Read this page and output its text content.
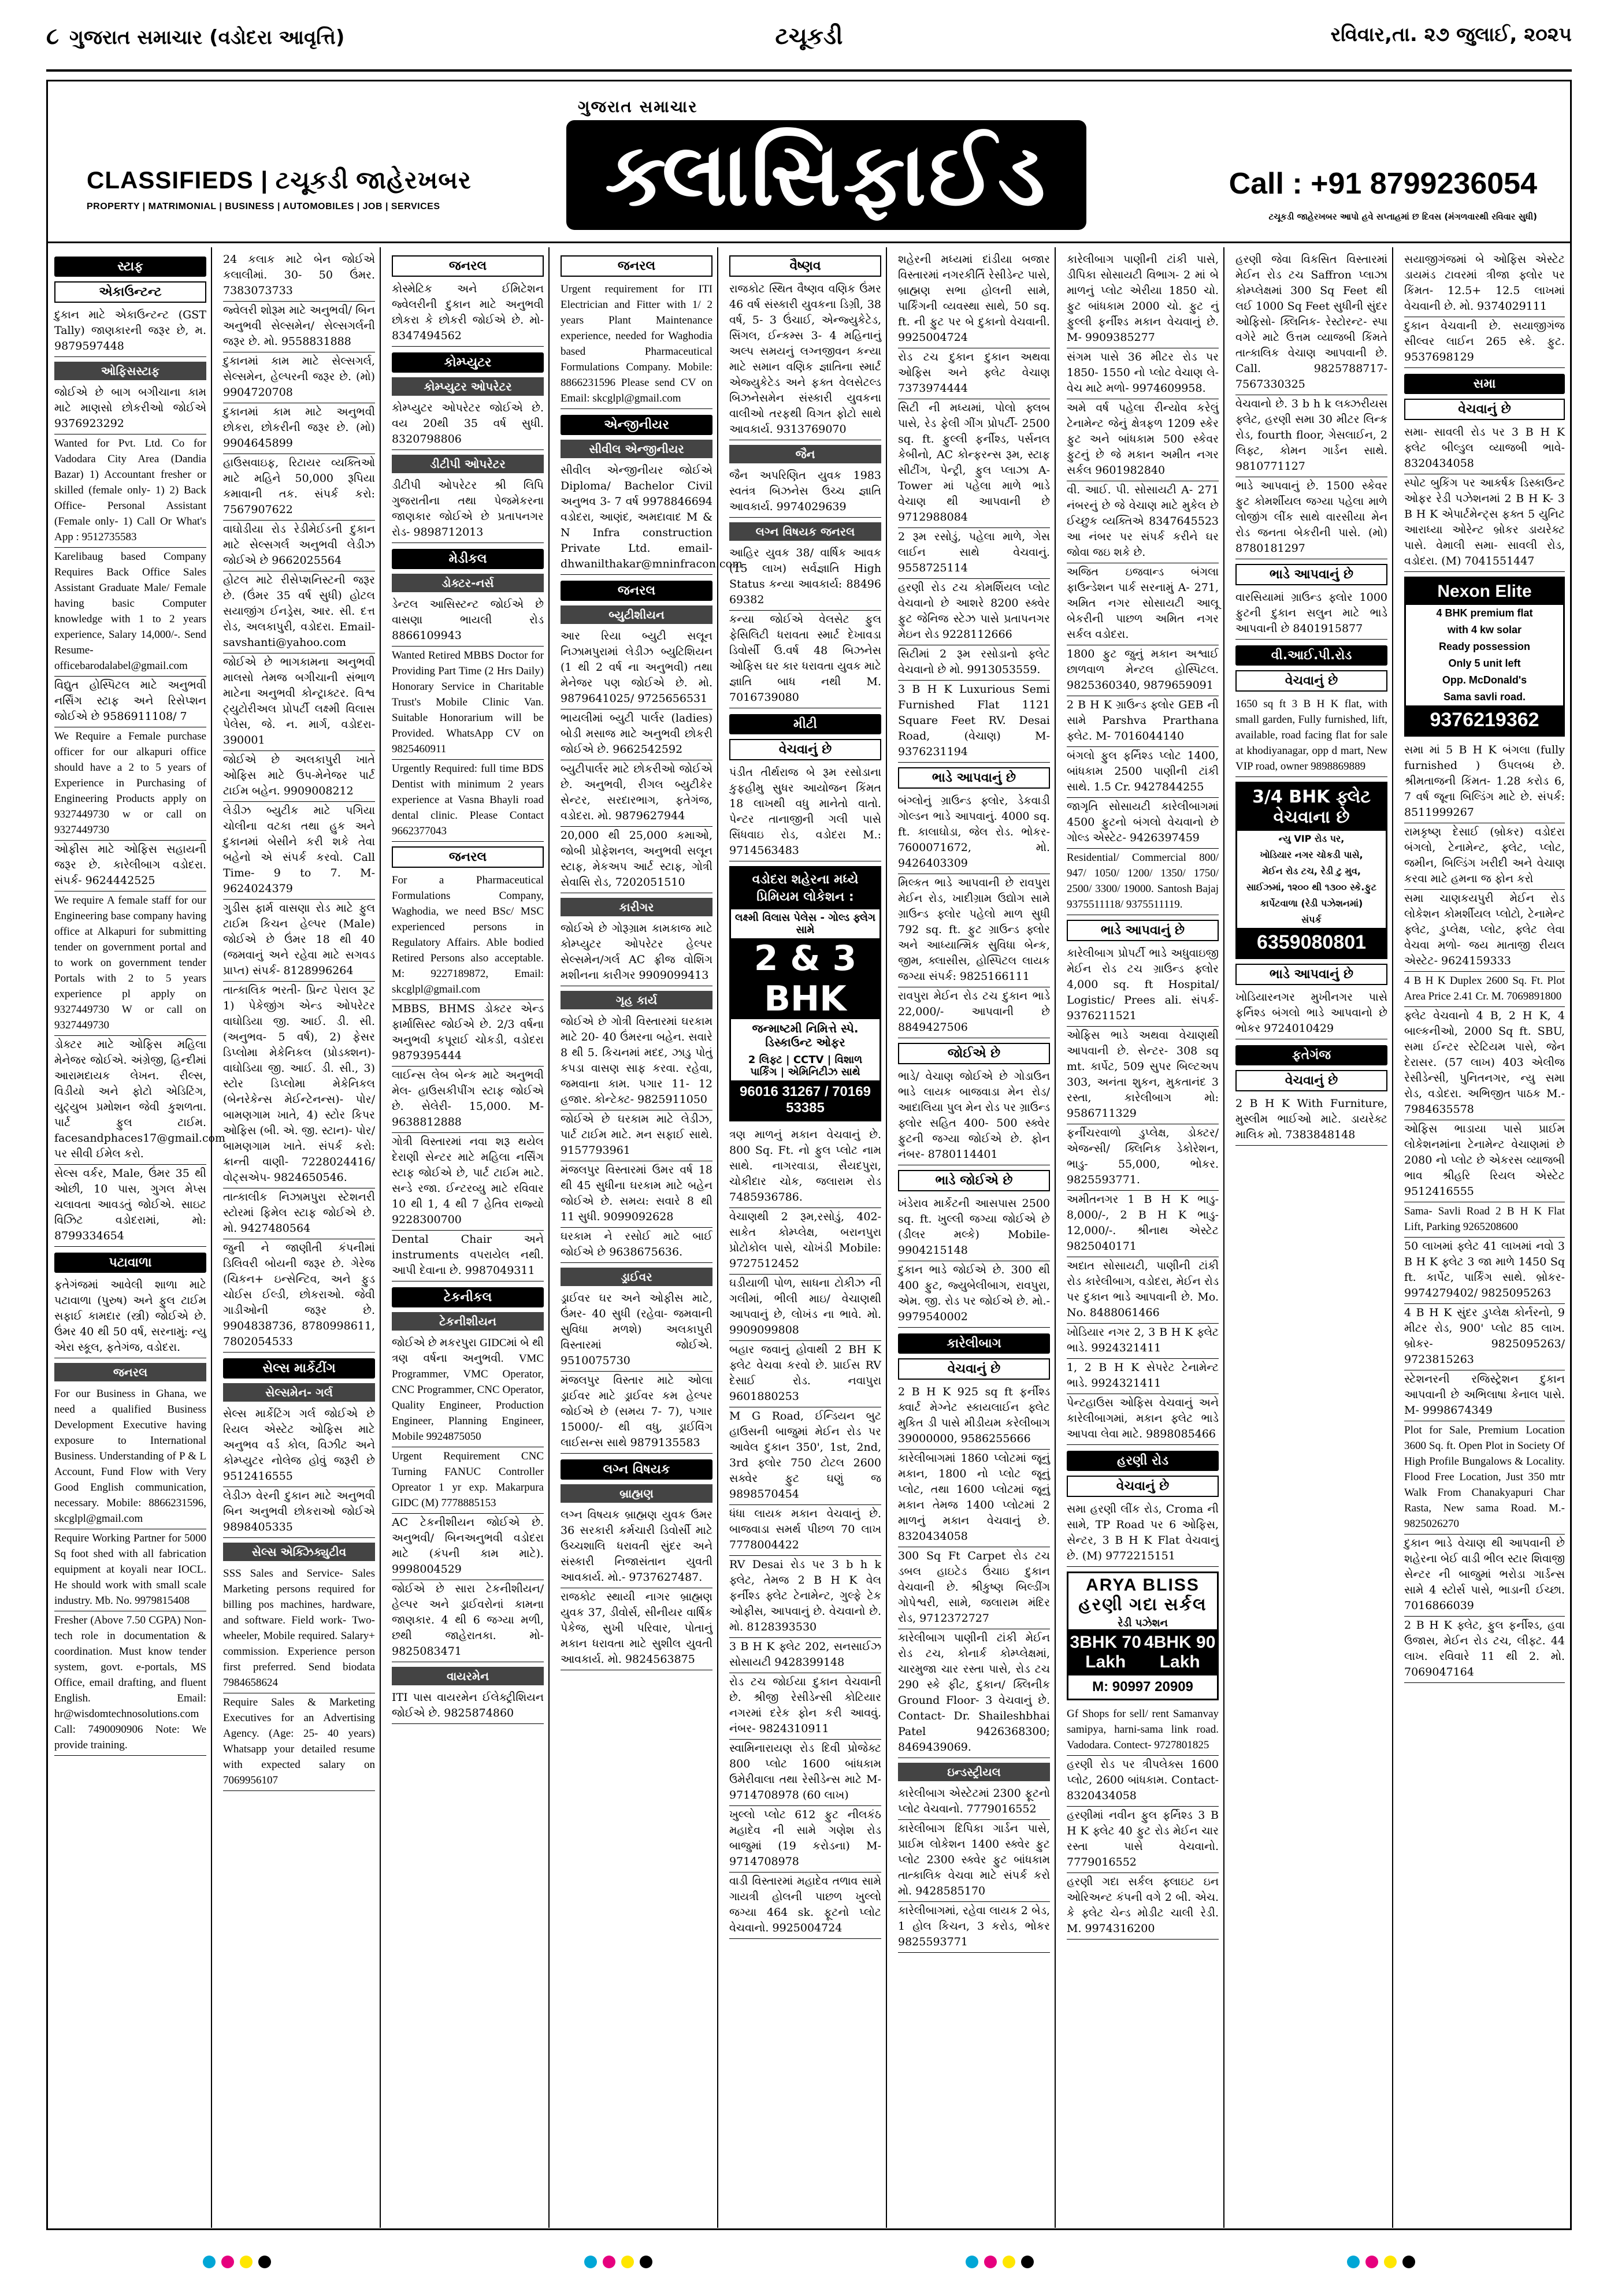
૮ ગુજરાત સમાચાર (વડોદરા આવૃત્તિ)	ટચૂકડી	રવિવાર,તા. ૨૭ જુલાઈ, ૨૦૨૫
CLASSIFIEDS | ટચૂકડી જાહેરખબર
PROPERTY | MATRIMONIAL | BUSINESS | AUTOMOBILES | JOB | SERVICES
ગુજરાત સમાચાર
ક્લાસિફાઈડ	Call : +91 8799236054
ટચૂકડી જાહેરખબર આપો હવે સપ્તાહમાં છ દિવસ (મંગળવારથી રવિવાર સુધી)
સ્ટાફ
એકાઉન્ટન્ટ
દુકાન માટે એકાઉન્ટન્ટ (GST Tally) જાણકારની જરૂર છે, મ. 9879597448
ઓફિસસ્ટાફ
જોઈએ છે બાગ બગીચાના કામ માટે માણસો છોકરીઓ જોઈએ 9376923292
Wanted for Pvt. Ltd. Co for Vadodara City Area (Dandia Bazar) 1) Accountant fresher or skilled (female only- 1) 2) Back Office- Personal Assistant (Female only- 1) Call Or What's App : 9512735583
Karelibaug based Company Requires Back Office Sales Assistant Graduate Male/ Female having basic Computer knowledge with 1 to 2 years experience, Salary 14,000/-. Send Resume- officebarodalabel@gmail.com
વિદ્યુત હોસ્પિટલ માટે અનુભવી નર્સિંગ સ્ટાફ અને રિસેપ્શન જોઈએ છે 9586911108/ 7
We Require a Female purchase officer for our alkapuri office should have a 2 to 5 years of Experience in Purchasing of Engineering Products apply on 9327449730 w or call on 9327449730
ઓફીસ માટે ઓફિસ સહાયની જરૂર છે. કારેલીબાગ વડોદરા. સંપર્ક- 9624442525
We require A female staff for our Engineering base company having office at Alkapuri for submitting tender on government portal and to work on government tender Portals with 2 to 5 years experience pl apply on 9327449730 W or call on 9327449730
ડોક્ટર માટે ઓફિસ મહિલા મેનેજર જોઈએ. અંગ્રેજી, હિન્દીમાં આરામદાયક લેખન. રીલ્સ, વિડીયો અને ફોટો એડિટિંગ, યુટ્યુબ પ્રમોશન જેવી કુશળતા. પાર્ટ ફુલ ટાઈમ. facesandphaces17@gmail.com પર સીવી ઈમેલ કરો.
સેલ્સ વર્કર, Male, ઉંમર 35 થી ઓછી, 10 પાસ, ગુગલ મેપ્સ ચલાવતા આવડતું જોઈએ. સાઇટ વિઝિટ વડોદરામાં, મો: 8799334654
પટાવાળા
ફતેગંજમાં આવેલી શાળા માટે પટાવાળા (પુરુષ) અને ફુલ ટાઈમ સફાઈ કામદાર (સ્ત્રી) જોઈએ છે. ઉંમર 40 થી 50 વર્ષ, સરનામું: ન્યુ એરા સ્કૂલ, ફતેગંજ, વડોદરા.
જનરલ
For our Business in Ghana, we need a qualified Business Development Executive having exposure to International Business. Understanding of P & L Account, Fund Flow with Very Good English communication, necessary. Mobile: 8866231596, skcglpl@gmail.com
Require Working Partner for 5000 Sq foot shed with all fabrication equipment at koyali near IOCL. He should work with small scale industry. Mb. No. 9979815408
Fresher (Above 7.50 CGPA) Non- tech role in documentation & coordination. Must know tender system, govt. e-portals, MS Office, email drafting, and fluent English. Email: hr@wisdomtechnosolutions.com Call: 7490090906 Note: We provide training.
24 કલાક માટે બેન જોઈએ કલાલીમાં. 30- 50 ઉંમર. 7383073733
જ્વેલરી શોરૂમ માટે અનુભવી/ બિન અનુભવી સેલ્સમેન/ સેલ્સગર્લની જરૂર છે. મો. 9558831888
દુકાનમાં કામ માટે સેલ્સગર્લ, સેલ્સમેન, હેલ્પરની જરૂર છે. (મો) 9904720708
દુકાનમાં કામ માટે અનુભવી છોકરા, છોકરીની જરૂર છે. (મો) 9904645899
હાઉસવાઇફ, રિટાયર વ્યક્તિઓ માટે મહિને 50,000 રૂપિયા કમાવાની તક. સંપર્ક કરો: 7567907622
વાઘોડીયા રોડ રેડીમેઈડની દુકાન માટે સેલ્સગર્લ અનુભવી લેડીઝ જોઈએ છે 9662025564
હોટલ માટે રીસેપ્શનિસ્ટની જરૂર છે. (ઉંમર 35 વર્ષ સુધી) હોટલ સયાજીંગ ઈનડ્રેસ, આર. સી. દત્ત રોડ, અલકાપુરી, વડોદરા. Email- savshanti@yahoo.com
જોઈએ છે ભાગકામના અનુભવી માલસો તેમજ બગીચાની સંભાળ માટેના અનુભવી કોન્ટ્રાક્ટર. વિશ્વ ટ્યુટોરીઅલ પ્રોપર્ટી લક્ષ્મી વિલાસ પેલેસ, જે. ન. માર્ગ, વડોદરા- 390001
જોઈએ છે અલકાપુરી ખાતે ઓફિસ માટે ઉપ-મેનેજર પાર્ટ ટાઈમ બહેન. 9909008212
લેડીઝ બ્યુટીક માટે પગિયા ચોલીના વટકા તથા હુક અને દુકાનમાં બેસીને કરી શકે તેવા બહેનો એ સંપર્ક કરવો. Call Time- 9 to 7. M- 9624024379
ગુડીસ ફાર્મ વાસણા રોડ માટે ફુલ ટાઈમ કિચન હેલ્પર (Male) જોઈએ છે ઉંમર 18 થી 40 (જમવાનું અને રહેવા માટે સગવડ પ્રાપ્ત) સંપર્ક- 8128996264
તાત્કાલિક ભરતી- પ્રિન્ટ પેરાલ રૂટ 1) પેકેજીંગ એન્ડ ઓપરેટર વાઘોડિયા જી. આઈ. ડી. સી. (અનુભવ- 5 વર્ષ), 2) ફેસર ડિપ્લોમા મેકેનિકલ (પ્રોડક્શન)- વાઘોડિયા જી. આઈ. ડી. સી., 3) સ્ટોર ડિપ્લોમા મેકેનિકલ (બેનરેકેન્સ મેઈન્ટેનન્સ)- પોર/ બામણગામ ખાતે, 4) સ્ટોર કિપર ઓફિસ (બી. એ. જી. સ્ટાન)- પોર/ બામણગામ ખાતે. સંપર્ક કરો: ક્રાન્તી વાણી- 7228024416/ વોટ્સએપ- 9824650546.
તાત્કાલીક નિઝામપુરા સ્ટેશનરી સ્ટોરમાં ફિમેલ સ્ટાફ જોઈએ છે. મો. 9427480564
જુની ને જાણીતી કંપનીમાં ડિલિવરી બોયની જરૂર છે. ગેરેજ (ચિકન+ ઇન્સેન્ટિવ, અને ફુડ ચોઈસ ઈલ્ડી, છોકરાઓ. જેવી ગાડીઓની જરૂર છે. 9904838736, 8780998611, 7802054533
સેલ્સ માર્કેટીંગ
સેલ્સમેન- ગર્લ
સેલ્સ માર્કેટિંગ ગર્લ જોઈએ છે રિયલ એસ્ટેટ ઓફિસ માટે અનુભવ વર્ડ કોલ, વિઝીટ અને કોમ્પ્યુટર નોલેજ હોવું જરૂરી છે 9512416555
લેડીઝ વેરની દુકાન માટે અનુભવી બિન અનુભવી છોકરાઓ જોઈએ 9898405335
સેલ્સ એક્ઝિક્યુટીવ
SSS Sales and Service- Sales Marketing persons required for billing pos machines, hardware, and software. Field work- Two- wheeler, Mobile required. Salary+ commission. Experience person first preferred. Send biodata 7984658624
Require Sales & Marketing Executives for an Advertising Agency. (Age: 25- 40 years) Whatsapp your detailed resume with expected salary on 7069956107
જનરલ
કોસ્મેટિક અને ઈમિટેશન જ્વેલરીની દુકાન માટે અનુભવી છોકરા કે છોકરી જોઈએ છે. મો- 8347494562
કોમ્પ્યુટર
કોમ્પ્યુટર ઓપરેટર
કોમ્પ્યુટર ઓપરેટર જોઈએ છે. વય 20થી 35 વર્ષ સુધી. 8320798806
ડીટીપી ઓપરેટર
ડીટીપી ઓપરેટર શ્રી લિપિ ગુજરાતીના તથા પેજમેકરના જાણકાર જોઈએ છે પ્રતાપનગર રોડ- 9898712013
મેડીકલ
ડોક્ટર-નર્સ
ડેન્ટલ આસિસ્ટન્ટ જોઈએ છે વાસણા ભાયલી રોડ 8866109943
Wanted Retired MBBS Doctor for Providing Part Time (2 Hrs Daily) Honorary Service in Charitable Trust's Mobile Clinic Van. Suitable Honorarium will be Provided. WhatsApp CV on 9825460911
Urgently Required: full time BDS Dentist with minimum 2 years experience at Vasna Bhayli road dental clinic. Please Contact 9662377043
જનરલ
For a Pharmaceutical Formulations Company, Waghodia, we need BSc/ MSC experienced persons in Regulatory Affairs. Able bodied Retired Persons also acceptable. M: 9227189872, Email: skcglpl@gmail.com
MBBS, BHMS ડોક્ટર એન્ડ ફાર્માસિસ્ટ જોઈએ છે. 2/3 વર્ષના અનુભવી કપૂરાઈ ચોકડી, વડોદરા 9879395444
લાઈન્સ લેબ બેન્ક માટે અનુભવી મેલ- હાઉસકીપીંગ સ્ટાફ જોઈએ છે. સેલેરી- 15,000. M- 9638812888
ગોત્રી વિસ્તારમાં નવા શરૂ થયેલ દેરાણી સેન્ટર માટે મહિલા નર્સિંગ સ્ટાફ જોઈએ છે, પાર્ટ ટાઈમ માટે. સન્ડે રજા. ઈન્ટરવ્યુ માટે રવિવાર 10 થી 1, 4 થી 7 હેતિવ રાજ્યો 9228300700
Dental Chair અને instruments વપરાયેલ નથી. આપી દેવાના છે. 9987049311
ટેકનીકલ
ટેકનીશીયન
જોઈએ છે મકરપુરા GIDCમાં બે થી ત્રણ વર્ષના અનુભવી. VMC Programmer, VMC Operator, CNC Programmer, CNC Operator, Quality Engineer, Production Engineer, Planning Engineer, Mobile 9924875050
Urgent Requirement CNC Turning FANUC Controller Opreator 1 yr exp. Makarpura GIDC (M) 7778885153
AC ટેકનીશીયન જોઈએ છે. અનુભવી/ બિનઅનુભવી વડોદરા માટે (કંપની કામ માટે). 9998004529
જોઈએ છે સારા ટેકનીશીયન/ હેલ્પર અને ડ્રાઈવરોનાં કામના જાણકાર. 4 થી 6 જગ્યા મળી, છથી જાહેરાતકા. મો- 9825083471
વાયરમેન
ITI પાસ વાયરમેન ઈલેક્ટ્રીશિયન જોઈએ છે. 9825874860
જનરલ
Urgent requirement for ITI Electrician and Fitter with 1/ 2 years Plant Maintenance experience, needed for Waghodia based Pharmaceutical Formulations Company. Mobile: 8866231596 Please send CV on Email: skcglpl@gmail.com
એન્જીનીયર
સીવીલ એન્જીનીયર
સીવીલ એન્જીનીયર જોઈએ Diploma/ Bachelor Civil અનુભવ 3- 7 વર્ષ 9978846694 વડોદરા, આણંદ, અમદાવાદ M & N Infra construction Private Ltd. email- dhwanilthakar@mninfracon.com
જનરલ
બ્યુટીશીયન
આર રિયા બ્યુટી સલૂન નિઝામપુરામાં લેડીઝ બ્યુટિશિયન (1 થી 2 વર્ષ ના અનુભવી) તથા મેનેજર પણ જોઈએ છે. મો. 9879641025/ 9725656531
ભાયલીમાં બ્યુટી પાર્લર (ladies) બોડી મસાજ માટે અનુભવી છોકરી જોઈએ છે. 9662542592
બ્યુટીપાર્લર માટે છોકરીઓ જોઈએ છે. અનુભવી, રીગલ બ્યુટીકેર સેન્ટર, સરદારભાગ, ફતેગંજ, વડોદરા. મો. 9879627944
20,000 થી 25,000 કમાઓ, જોબી પ્રોફેશનલ, અનુભવી સલૂન સ્ટાફ, મેકઅપ આર્ટ સ્ટાફ, ગોત્રી સેવાસિ રોડ, 7202051510
કારીગર
જોઈએ છે ગોરૂગ્રામ કામકાજ માટે કોમ્પ્યુટર ઓપરેટર હેલ્પર સેલ્સમેન/ગર્લ AC ફ્રીજ વોશિંગ મશીનના કારીગર 9909099413
ગૃહ કાર્ય
જોઈએ છે ગોત્રી વિસ્તારમાં ઘરકામ માટે 20- 40 ઉંમરના બહેન. સવારે 8 થી 5. કિચનમાં મદદ, ઝાડુ પોતું કપડા વાસણ સાફ કરવા. રહેવા, જમવાના કામ. પગાર 11- 12 હજાર. કોન્ટેક્ટ- 9825911050
જોઈએ છે ઘરકામ માટે લેડીઝ, પાર્ટ ટાઈમ માટે. મન સફાઈ સાથે. 9157793961
મંજલપુર વિસ્તારમાં ઉમર વર્ષ 18 થી 45 સુધીના ઘરકામ માટે બહેન જોઈએ છે. સમય: સવારે 8 થી 11 સુધી. 9099092628
ઘરકામ ને રસોઈ માટે બાઈ જોઈએ છે 9638675636.
ડ્રાઈવર
ડ્રાઈવર ઘર અને ઓફીસ માટે, ઉંમર- 40 સુધી (રહેવા- જમવાની સુવિધા મળશે) અલકાપુરી વિસ્તારમાં જોઈએ. 9510075730
મંજલપુર વિસ્તાર માટે ઓલા ડ્રાઈવર માટે ડ્રાઈવર કમ હેલ્પર જોઈએ છે (સમય 7- 7), પગાર 15000/- થી વધુ, ડ્રાઈવિંગ લાઈસન્સ સાથે 9879135583
લગ્ન વિષયક
બ્રાહ્મણ
લગ્ન વિષયક બ્રાહ્મણ યુવક ઉમર 36 સરકારી કર્મચારી ડિવોર્સી માટે ઉચ્ચશાલિ ધરાવતી સુંદર અને સંસ્કારી નિજાસંતાન યુવતી આવકાર્ય. મો.- 9737627487.
રાજકોટ સ્થાયી નાગર બ્રાહ્મણ યુવક 37, ડીવોર્સ, સીનીયર વાર્ષિક પેકેજ, સુખી પરિવાર, પોતાનું મકાન ધરાવતા માટે સુશીલ યુવતી આવકાર્ય. મો. 9824563875
વૈષ્ણવ
રાજકોટ સ્થિત વૈષ્ણવ વણિક ઉંમર 46 વર્ષ સંસ્કારી યુવકના ડિગ્રી, 38 વર્ષ, 5- 3 ઉંચાઈ, એન્જ્યુકેટેડ, સિંગલ, ઈન્કમ્સ 3- 4 મહિનાનું અલ્પ સમયનું લગ્નજીવન કન્યા માટે સમાન વણિક જ્ઞાતિના સ્માર્ટ એજ્યુકેટેડ અને ફક્ત વેલસેટલ્ડ બિઝનેસમેન સંસ્કારી યુવકના વાલીઓ તરફથી વિગત ફોટો સાથે આવકાર્ય. 9313769070
જૈન
જૈન અપરિણિત યુવક 1983 સ્વતંત્ર બિઝનેસ ઉચ્ચ જ્ઞાતિ આવકાર્ય. 9974029639
લગ્ન વિષયક જનરલ
આહિર યુવક 38/ વાર્ષિક આવક (15 લાખ) સર્વજ્ઞાતિ High Status કન્યા આવકાર્ય: 88496 69382
કન્યા જોઈએ વેલસેટ ફુલ ફેસિલિટી ધરાવતા સ્માર્ટ દેખાવડા ડિવોર્સી ઉ.વર્ષ 48 બિઝનેસ ઓફિસ ઘર કાર ધરાવતા યુવક માટે જ્ઞાતિ બાધ નથી M. 7016739080
મીટી
વેચવાનું છે
પંડીત તીર્થરાજ બે રૂમ રસોડાના કુફહીમુ સુધર આયોજન કિંમત 18 લાખથી વધુ માનેતો વાતો. પેન્ટર તાનાજીની ગલી પાસે સિંધવાઇ રોડ, વડોદરા M.: 9714563483
વડોદરા શહેરના મધ્યે પ્રિમિયમ લોકેશન :
લક્ષ્મી વિલાસ પેલેસ - ગોલ્ડ ફ્લેગ સામે
2 & 3 BHK
જન્માષ્ટમી નિમિત્તે સ્પે. ડિસ્કાઉન્ટ ઓફર
2 લિફ્ટ | CCTV | વિશાળ પાર્કિંગ | એમિનિટીઝ સાથે
96016 31267 / 70169 53385
ત્રણ માળનું મકાન વેચવાનું છે. 800 Sq. Ft. નો ફુલ પ્લોટ નામ સાથે. નાગરવાડા, સૈયદપુરા, ચોકીદાર ચોક, જલારામ રોડ 7485936786.
વેચાણથી 2 રૂમ,રસોડું, 402- સાકેત કોમ્પ્લેક્ષ, બરાનપુરા પ્રોટોકોલ પાસે, ચોખંડી Mobile: 9727512452
ઘડીયાળી પોળ, સાધના ટોકીઝ ની ગલીમાં, ભીલી માઇ/ વેચાણથી આપવાનું છે, લોખંડ ના ભાવે. મો. 9909099808
બહાર જવાનું હોવાથી 2 BH K ફ્લેટ વેચવા કરવો છે. પ્રાઈસ RV દેસાઈ રોડ. નવાપુરા 9601880253
M G Road, ઈન્ડિયન બુટ હાઉસની બાજુમાં મેઈન રોડ પર આવેલ દુકાન 350', 1st, 2nd, 3rd ફ્લોર 750 ટોટલ 2600 સક્વેર ફુટ ઘણું જ 9898570454
ધંધા લાયક મકાન વેચવાનું છે. બાજવાડા સમર્થ પીછળ 70 લાખ 7778004422
RV Desai રોડ પર 3 b h k ફ્લેટ, તેમજ 2 B H K વેલ ફર્નીશ્ડ ફ્લેટ ટેનામેન્ટ, ગુલ્ફે ટેક ઓફીસ, આપવાનું છે. વેચવાનો છે. મો. 8128393530
3 B H K ફ્લેટ 202, સનસાઈઝ સોસાયટી 9428399148
રોડ ટચ જોઈયા દુકાન વેચવાની છે. શ્રીજી રેસીડેન્સી કોટિયાર નગરમાં દરેક ફોન કરી આવવું. નંબર- 9824310911
સ્વામિનારાયણ રોડ દિવી પ્રોજેક્ટ 800 પ્લોટ 1600 બાંધકામ ઉમેરીવાલા તથા રેસીડેન્સ માટે M- 9714708978 (60 લાખ)
ખુલ્લો પ્લોટ 612 ફુટ નીલકંઠ મહાદેવ ની સામે ગણેશ રોડ બાજુમાં (19 કરોડના) M- 9714708978
વાડી વિસ્તારમાં મહાદેવ તળાવ સામે ગાયત્રી હોલની પાછળ ખુલ્લો જગ્યા 464 sk. ફૂટનો પ્લોટ વેચવાનો. 9925004724
શહેરની મધ્યમાં દાંડીયા બજાર વિસ્તારમાં નગરકીર્તિ રેસીડેન્ટ પાસે, બ્રાહ્મણ સભા હોલની સામે, પાર્કિંગની વ્યવસ્થા સાથે, 50 sq. ft. ની ફુટ પર બે દુકાનો વેચવાની. 9925004724
રોડ ટચ દુકાન દુકાન અથવા ઓફિસ અને ફ્લેટ વેચાણ 7373974444
સિટી ની મધ્યમાં, પોલો ફ્લબ પાસે, રેડ ફેલી ગીંગ પ્રોપર્ટી- 2500 sq. ft. ફુલ્લી ફર્નીશ્ડ, પર્સનલ કેબીનો, AC કોન્ફરન્સ રૂમ, સ્ટાફ સીટીંગ, પેન્ટ્રી, ફુલ પ્લાઝા A- Tower માં પહેલા માળે ભાડે વેચાણ થી આપવાની છે 9712988084
2 રૂમ રસોડું, પહેલા માળે, ગેસ લાઈન સાથે વેચવાનું. 9558725114
હરણી રોડ ટચ કોમર્શિયલ પ્લોટ વેચવાનો છે આશરે 8200 સ્ક્વેર ફુટ જેનિજ સ્ટેઝ પાસે પ્રતાપનગર મેઇન રોડ 9228112666
સિટીમાં 2 રૂમ રસોડાનો ફ્લેટ વેચવાનો છે મો. 9913053559.
3 B H K Luxurious Semi Furnished Flat 1121 Square Feet RV. Desai Road, (વેચાણ) M- 9376231194
ભાડે આપવાનું છે
બંગ્લોનું ગ્રાઉન્ડ ફ્લોર, ડેકવાડી ગોલ્ડન ભાડે આપવાનું. 4000 sq. ft. કાલાઘોડા, જેલ રોડ. ભોકર- 7600071672, મો. 9426403309
મિલ્કત ભાડે આપવાની છે રાવપુરા મેઈન રોડ, ખાદીગ્રામ ઉદ્યોગ સામે ગ્રાઉન્ડ ફ્લોર પહેલો માળ સુધી 792 sq. ft. ફુટ ગ્રાઉન્ડ ફ્લોર અને આધ્યાત્મિક સુવિધા બેન્ક, જીમ, ક્લાસીસ, હોસ્પિટલ લાયક જગ્યા સંપર્ક: 9825166111
રાવપુરા મેઈન રોડ ટચ દુકાન ભાડે 22,000/- આપવાની છે 8849427506
જોઈએ છે
ભાડે/ વેચાણ જોઈએ છે ગોડાઉન ભાડે લાયક બાજવાડા મેન રોડ/ આદાલિયા પુલ મેન રોડ પર ગ્રાઉન્ડ ફ્લોર સહિત 400- 500 સ્ક્વેર ફુટની જગ્યા જોઈએ છે. ફોન નંબર- 8780114401
ભાડે જોઈએ છે
ખંડેરાવ માર્કેટની આસપાસ 2500 sq. ft. ખુલ્લી જગ્યા જોઈએ છે (ડીલર મલ્કે) Mobile- 9904215148
દુકાન ભાડે જોઈએ છે. 300 થી 400 ફુટ, જ્યુબેલીબાગ, રાવપુરા, એમ. જી. રોડ પર જોઈએ છે. મો.- 9979540002
કારેલીબાગ
વેચવાનું છે
2 B H K 925 sq ft ફર્નીશ્ડ ક્વાર્ટ મેગ્નેટ સ્કાયલાઈન ફ્લેટ મુકિત ડી પાસે મીડીયમ કરેલીબાગ 39000000, 9586255666
કારેલીબાગમાં 1860 પ્લોટમાં જૂનું મકાન, 1800 નો પ્લોટ જૂનું પ્લોટ, તથા 1600 પ્લોટમાં જૂનું મકાન તેમજ 1400 પ્લોટમાં 2 માળનું મકાન વેચવાનું છે. 8320434058
300 Sq Ft Carpet રોડ ટચ ડબલ હાઇટેડ ઉંચાઇ દુકાન વેચવાની છે. શ્રીકુષ્ણ બિલ્ડીંગ ગોપેશ્વરી, સામે, જલારામ મંદિર રોડ, 9712372727
કારેલીબાગ પાણીની ટાંકી મેઈન રોડ ટચ, કોનાર્ક કોમ્પ્લેક્ષમાં, ચારમુજા ચાર રસ્તા પાસે, રોડ ટચ 290 સ્કે ફીટ, દુકાન/ ક્લિનીક Ground Floor- 3 વેચવાનું છે. Contact- Dr. Shaileshbhai Patel 9426368300; 8469439069.
ઇન્ડસ્ટ્રીયલ
કારેલીબાગ એસ્ટેટમાં 2300 ફૂટનો પ્લોટ વેચવાનો. 7779016552
કારેલીબાગ દિપિકા ગાર્ડન પાસે, પ્રાઈમ લોકેશન 1400 સ્ક્વેર ફુટ પ્લોટ 2300 સ્ક્વેર ફુટ બાંધકામ તાત્કાલિક વેચવા માટે સંપર્ક કરો મો. 9428585170
કારેલીબાગમાં, રહેવા લાયક 2 બેડ, 1 હોલ કિચન, 3 કરોડ, ભોકર 9825593771
કારેલીબાગ પાણીની ટાંકી પાસે, ડીપિકા સોસાયટી વિભાગ- 2 માં બે માળનું પ્લોટ એરીયા 1850 ચો. ફુટ બાંધકામ 2000 ચો. ફુટ નું ફુલ્લી ફર્નીશ્ડ મકાન વેચવાનું છે. M- 9909385277
સંગમ પાસે 36 મીટર રોડ પર 1850- 1550 નો પ્લોટ વેચાણ લે- વેચ માટે મળો- 9974609958.
અમે વર્ષ પહેલા રીન્યોવ કરેલું ટેનામેન્ટ જેનું ક્ષેત્રફળ 1209 સ્કેર ફુટ અને બાંધકામ 500 સ્કેવર ફુટનું છે જે મકાન અમીત નગર સર્કલ 9601982840
વી. આઈ. પી. સોસાયટી A- 271 નંબરનું છે જે વેચાણ માટે મુકેલ છે ઈચ્છુક વ્યક્તિએ 8347645523 આ નંબર પર સંપર્ક કરીને ઘર જોવા જઇ શકે છે.
અજિત ઇજવાન્ડ બંગલા ફાઉન્ડેશન પાર્ક સરનામું A- 271, અમિત નગર સોસાયટી આલૂ બેકરીની પાછળ અમિત નગર સર્કલ વડોદરા.
1800 ફુટ જુનું મકાન અશ્વાઈ છાળવાળ મેન્ટલ હોસ્પિટલ. 9825360340, 9879659091
2 B H K ગ્રાઉન્ડ ફ્લોર GEB ની સામે Parshva Prarthana ફ્લેટ. M- 7016044140
બંગલો ફુલ ફર્નિશ્ડ પ્લોટ 1400, બાંધકામ 2500 પાણીની ટાંકી સાથે. 1.5 Cr. 9427844255
જાગૃતિ સોસાયટી કારેલીબાગમાં 4500 ફુટનો બંગલો વેચવાનો છે ગોલ્ડ એસ્ટેટ- 9426397459
Residential/ Commercial 800/ 947/ 1050/ 1200/ 1350/ 1750/ 2500/ 3300/ 19000. Santosh Bajaj 9375511118/ 9375511119.
ભાડે આપવાનું છે
કારેલીબાગ પ્રોપર્ટી ભાડે અધુવાઇજી મેઈન રોડ ટચ ગ્રાઉન્ડ ફ્લોર 4,000 sq. ft Hospital/ Logistic/ Prees ali. સંપર્ક- 9376211521
ઓફિસ ભાડે અથવા વેચાણથી આપવાની છે. સેન્ટર- 308 sq mt. કાર્પેટ, 509 સુપર બિલ્ટઅપ 303, અનંતા શુકન, મુકતાનંદ 3 રસ્તા, કારેલીબાગ મો: 9586711329
ફર્નીચરવાળો ડુપ્લેક્ષ, ડોક્ટર/ એજન્સી/ ક્લિનિક ડેકોરેશન, ભાડુ- 55,000, ભોકર. 9825593771.
અમીતનગર 1 B H K ભાડુ- 8,000/-, 2 B H K ભાડુ- 12,000/-. શ્રીનાથ એસ્ટેટ 9825040171
અદાત સોસાયટી, પાણીની ટાંકી રોડ કારેલીબાગ, વડોદરા, મેઈન રોડ પર દુકાન ભાડે આપવાની છે. Mo. No. 8488061466
ખોડિયાર નગર 2, 3 B H K ફ્લેટ ભાડે. 9924321411
1, 2 B H K સેપરેટ ટેનામેન્ટ ભાડે. 9924321411
પેન્ટહાઉસ ઓફિસ વેચવાનું અને કારેલીબાગમાં, મકાન ફ્લેટ ભાડે આપવા લેવા માટે. 9898085466
હરણી રોડ
વેચવાનું છે
સમા હરણી લીંક રોડ, Croma ની સામે, TP Road પર 6 ઓફિસ, સેન્ટર, 3 B H K Flat વેચવાનું છે. (M) 9772215151
ARYA BLISS હરણી ગદા સર્કલ
રેડી પઝેશન
3BHK 70 Lakh
4BHK 90 Lakh
M: 90997 20909
Gf Shops for sell/ rent Samanvay samipya, harni-sama link road. Vadodara. Contect- 9727801825
હરણી રોડ પર ત્રીપલેક્સ 1600 પ્લોટ, 2600 બાંધકામ. Contact- 8320434058
હરણીમાં નવીન ફુલ ફર્નિશ્ડ 3 B H K ફ્લેટ 40 ફુટ રોડ મેઈન ચાર રસ્તા પાસે વેચવાનો. 7779016552
હરણી ગદા સર્કલ ફ્લાઇટ ઇન ઓરિઅન્ટ કંપની વગે 2 બી. એચ. કે ફ્લેટ ચેન્ડ મોડીટ ચાલી રેડી. M. 9974316200
હરણી જેવા વિકસિત વિસ્તારમાં મેઈન રોડ ટચ Saffron પ્લાઝા કોમ્પ્લેક્ષમાં 300 Sq Feet થી લઈ 1000 Sq Feet સુધીની સુંદર ઓફિસો- ક્લિનિક- રેસ્ટોરન્ટ- સ્પા વગેરે માટે ઉત્તમ વ્યાજબી કિંમતે તાત્કાલિક વેચાણ આપવાની છે. Call. 9825788717- 7567330325
વેચવાનો છે. 3 b h k લક્ઝરીયસ ફ્લેટ, હરણી સમા 30 મીટર લિન્ક રોડ, fourth floor, ગેસલાઈન, 2 લિફ્ટ, કોમન ગાર્ડન સાથે. 9810771127
ભાડે આપવાનું છે. 1500 સ્કેવર ફુટ કોમર્શીયલ જગ્યા પહેલા માળે લોજીંગ લીંક સાથે વારસીયા મેન રોડ જનતા બેકરીની પાસે. (મો) 8780181297
ભાડે આપવાનું છે
વારસિયામાં ગ્રાઉન્ડ ફ્લોર 1000 ફુટની દુકાન સલુન માટે ભાડે આપવાની છે 8401915877
વી.આઈ.પી.રોડ
વેચવાનું છે
1650 sq ft 3 B H K flat, with small garden, Fully furnished, lift, available, road facing flat for sale at khodiyanagar, opp d mart, New VIP road, owner 9898869889
3/4 BHK ફ્લેટ વેચવાના છે
ન્યુ VIP રોડ પર,
ખોડિયાર નગર ચોકડી પાસે,
મેઈન રોડ ટચ, રેડી ટુ મુવ,
સાઈઝમાં, ૧૨૦૦ થી ૧૩૦૦ સ્કે.ફુટ
કાર્પેટવાળા (રેડી પઝેશનમાં)
સંપર્ક
6359080801
ભાડે આપવાનું છે
ખોડિયારનગર મુખીનગર પાસે ફર્નિશ્ડ બંગલો ભાડે આપવાનો છે ભોકર 9724010429
ફતેગંજ
વેચવાનું છે
2 B H K With Furniture, મુસ્લીમ ભાઈઓ માટે. ડાયરેક્ટ માલિક મો. 7383848148
સયાજીગંજમાં બે ઓફિસ એસ્ટેટ ડાયમંડ ટાવરમાં ત્રીજા ફ્લોર પર કિંમત- 12.5+ 12.5 લાખમાં વેચવાની છે. મો. 9374029111
દુકાન વેચવાની છે. સયાજીગંજ સીલ્વર લાઈન 265 સ્કે. ફુટ. 9537698129
સમા
વેચવાનું છે
સમા- સાવલી રોડ પર 3 B H K ફ્લેટ બીલ્ડુલ વ્યાજબી ભાવે- 8320434058
સ્પોટ બુકિંગ પર આકર્ષક ડિસ્કાઉન્ટ ઓફર રેડી પઝેશનમાં 2 B H K- 3 B H K એપાર્ટમેન્ટ્સ ફક્ત 5 યુનિટ આરાધ્યા ઓરેન્ટ બ્રોકર ડાયરેક્ટ પાસે. વેમાલી સમા- સાવલી રોડ, વડોદરા. (M) 7041551447
Nexon Elite
4 BHK premium flat
with 4 kw solar
Ready possession
Only 5 unit left
Opp. McDonald's
Sama savli road.
9376219362
સમા માં 5 B H K બંગલા (fully furnished ) ઉપલબ્ધ છે. શ્રીમતાજની કિંમત- 1.28 કરોડ 6, 7 વર્ષ જૂના બિલ્ડિંગ માટે છે. સંપર્ક: 8511999267
રામકૃષ્ણ દેસાઈ (બ્રોકર) વડોદરા બંગલો, ટેનામેન્ટ, ફ્લેટ, પ્લોટ, જમીન, બિલ્ડિંગ ખરીદી અને વેચાણ કરવા માટે હમના જ ફોન કરો
સમા ચાણકયપુરી મેઈન રોડ લોકેશન કોમર્શીયલ પ્લોટો, ટેનામેન્ટ ફ્લેટ, ડુપ્લેક્ષ, પ્લોટ, ફ્લેટ લેવા વેચવા મળો- જય માતાજી રીયલ એસ્ટેટ- 9624159333
4 B H K Duplex 2600 Sq. Ft. Plot Area Price 2.41 Cr. M. 7069891800
ફ્લેટ વેચવાનો 4 B, 2 H K, 4 બાલ્કનીઓ, 2000 Sq ft. SBU, સમા ઈન્ટર સ્ટેટિયમ પાસે, જેન દેરાસર. (57 લાખ) 403 એલીજ રેસીડેન્સી, પુનિતનગર, ન્યુ સમા રોડ, વડોદરા. અભિજીત પાઠક M.- 7984635578
ઓફિસ ભાડાયા પાસે પ્રાઈમ લોકેશનમાંના ટેનામેન્ટ વેચાણમાં છે 2080 નો પ્લોટ છે એકરસ વ્યાજબી ભાવ શ્રીહરિ રિયલ એસ્ટેટ 9512416555
Sama- Savli Road 2 B H K Flat Lift, Parking 9265208600
50 લાખમાં ફ્લેટ 41 લાખમાં નવો 3 B H K ફ્લેટ 3 જા માળે 1450 Sq ft. કાર્પેટ, પાર્કિંગ સાથે. બ્રોકર- 9974279402/ 9825095263
4 B H K સુંદર ડુપ્લેક્ષ કોર્નરનો, 9 મીટર રોડ, 900' પ્લોટ 85 લાખ. બ્રોકર- 9825095263/ 9723815263
સ્ટેશનરની રજિસ્ટ્રેશન દુકાન આપવાની છે અભિલાષા કેનાલ પાસે. M- 9998674349
Plot for Sale, Premium Location 3600 Sq. ft. Open Plot in Society Of High Profile Bungalows & Locality. Flood Free Location, Just 350 mtr Walk From Chanakyapuri Char Rasta, New sama Road. M.- 9825026270
દુકાન ભાડે વેચાણ થી આપવાની છે શહેરના બેઈ વાડી ભીલ સ્ટાર શિવાજી સેન્ટર ની બાજુમાં ભરોડા ગાર્ડન્સ સામે 4 સ્ટોર્સ પાસે, ભાડાની ઈચ્છા. 7016866039
2 B H K ફ્લેટ, ફુલ ફર્નીશ્ડ, હવા ઉજાસ, મેઈન રોડ ટચ, લીફ્ટ. 44 લાખ. રવિવારે 11 થી 2. મો. 7069047164
